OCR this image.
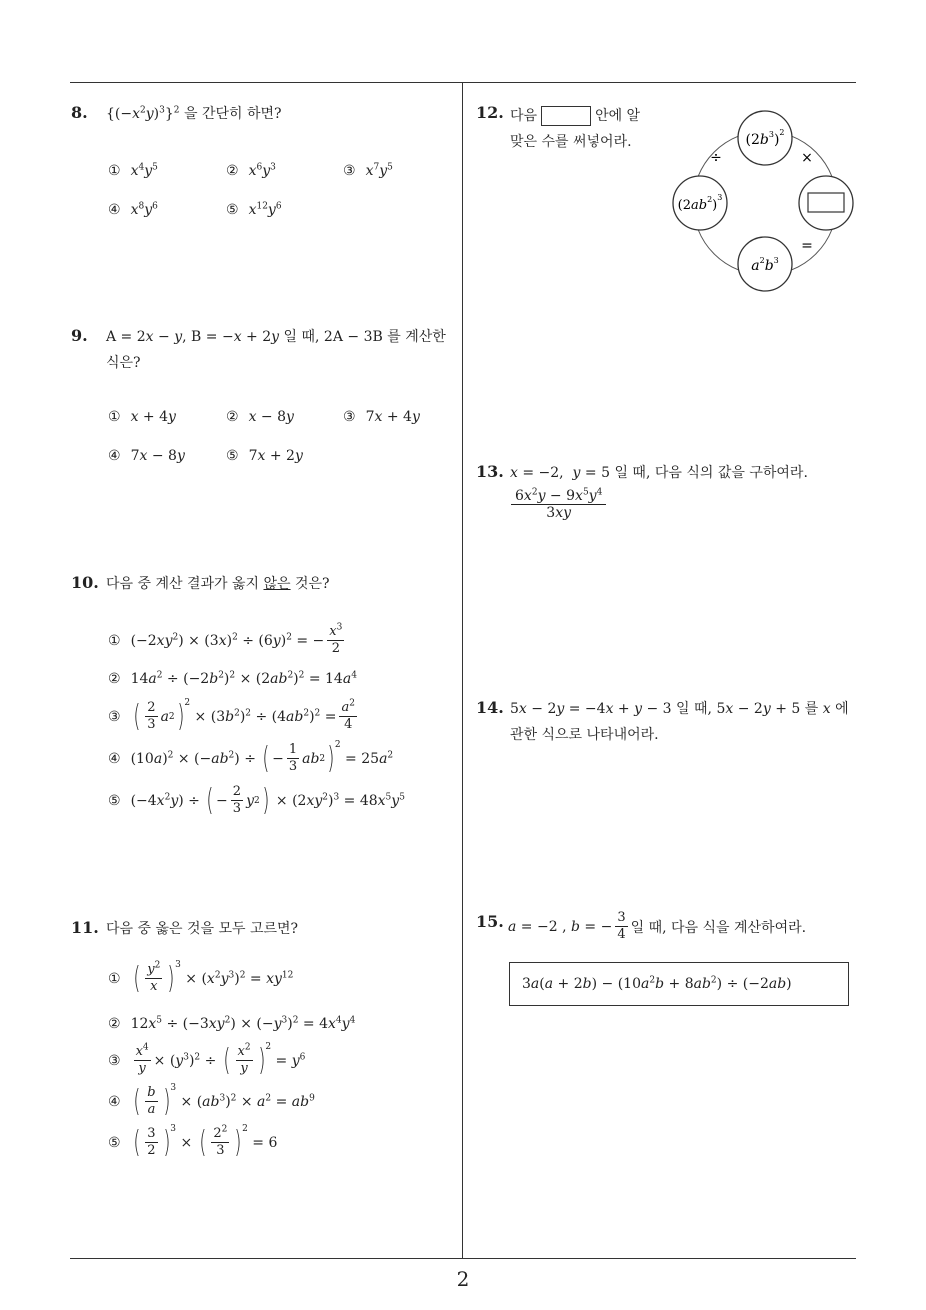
2
8. $\{(-x^2y)^3\}^2$ 을 간단히 하면?
① $x^4y^5$	② $x^6y^3$	③ $x^7y^5$
④ $x^8y^6$	⑤ $x^{12}y^6$
9. A = 2x − y, B = −x + 2y 일 때, 2A − 3B 를 계산한
식은?
① x + 4y	② x − 8y	③ 7x + 4y
④ 7x − 8y	⑤ 7x + 2y
10. 다음 중 계산 결과가 옳지 않은 것은?
① $(-2xy^2) \times (3x)^2 \div (6y)^2$ = − $\frac{x^3}{2}$
② $14a^2 \div (-2b^2)^2 \times (2ab^2)^2 = 14a^4$
③ ( $\frac{2}{3}$ a 2 ) 2
× $(3b^2)^2 \div (4ab^2)^2 = \frac{a^2}{4}$
④ $(10a)^2 \times (-ab^2)$ ÷ ( − $\frac{1}{3}$ ab 2 ) 2
= $25a^2$
⑤ $(-4x^2y)$ ÷ ( − $\frac{2}{3}$ y 2 ) × $(2xy^2)^3 = 48x^5y^5$
11. 다음 중 옳은 것을 모두 고르면?
① ( $\frac{y^2}{x}$ ) 3
× $(x^2y^3)^2 = xy^{12}$
② $12x^5 \div (-3xy^2) \times (-y^3)^2 = 4x^4y^4$
③ $\frac{x^4}{y} \times (y^3)^2$ ÷ ( $\frac{x^2}{y}$ ) 2
= $y^6$
④ ( $\frac{b}{a}$ ) 3
× $(ab^3)^2 \times a^2 = ab^9$
⑤ ( $\frac{3}{2}$ ) 3
× ( $\frac{2^2}{3}$ ) 2
= 6
12. 다음	안에 알
맞은 수를 써넣어라.	$(2b^3)^2$
$(2ab^2)^3$
$a^2b^3$
÷	×
=
13. x = −2,  y = 5 일 때, 다음 식의 값을 구하여라.
$\frac{6x^2y - 9x^5y^4}{3xy}$
14. 5x − 2y = −4x + y − 3 일 때, 5x − 2y + 5 를 x 에
관한 식으로 나타내어라.
15. a = −2 , b = − $\frac{3}{4}$ 일 때, 다음 식을 계산하여라.
$3a(a + 2b) - (10a^2b + 8ab^2) \div (-2ab)$
